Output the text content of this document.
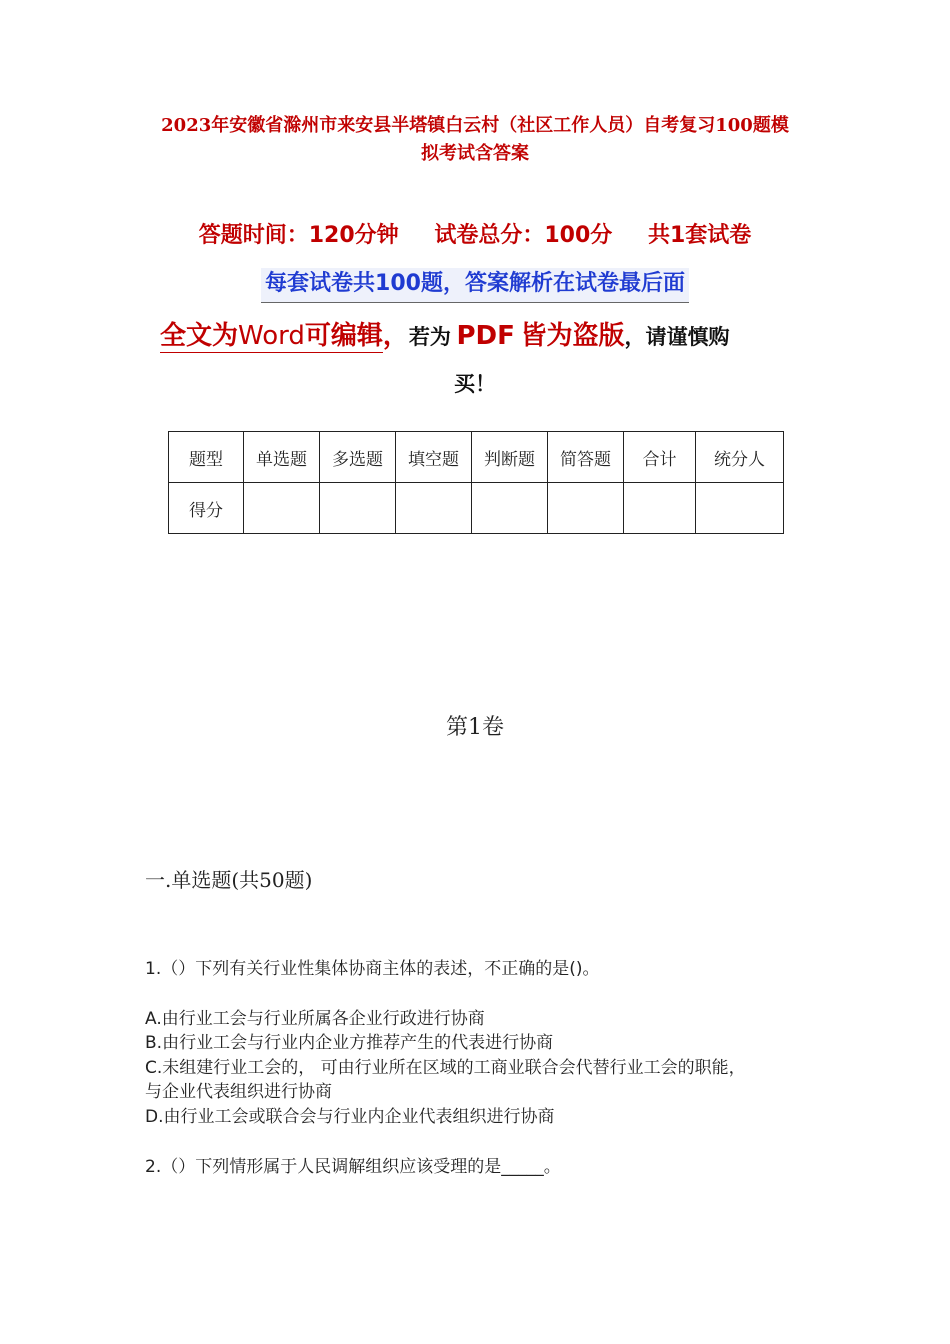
2023年安徽省滁州市来安县半塔镇白云村（社区工作人员）自考复习100题模
拟考试含答案
答题时间：120分钟 试卷总分：100分 共1套试卷
每套试卷共100题，答案解析在试卷最后面
全文为Word可编辑，若为 PDF 皆为盗版，请谨慎购
买！
题型	单选题	多选题	填空题	判断题	简答题	合计	统分人
得分							
第1卷
一.单选题(共50题)
1.（）下列有关行业性集体协商主体的表述，不正确的是()。
A.由行业工会与行业所属各企业行政进行协商
B.由行业工会与行业内企业方推荐产生的代表进行协商
C.未组建行业工会的， 可由行业所在区域的工商业联合会代替行业工会的职能，
与企业代表组织进行协商
D.由行业工会或联合会与行业内企业代表组织进行协商
2.（）下列情形属于人民调解组织应该受理的是_____。
